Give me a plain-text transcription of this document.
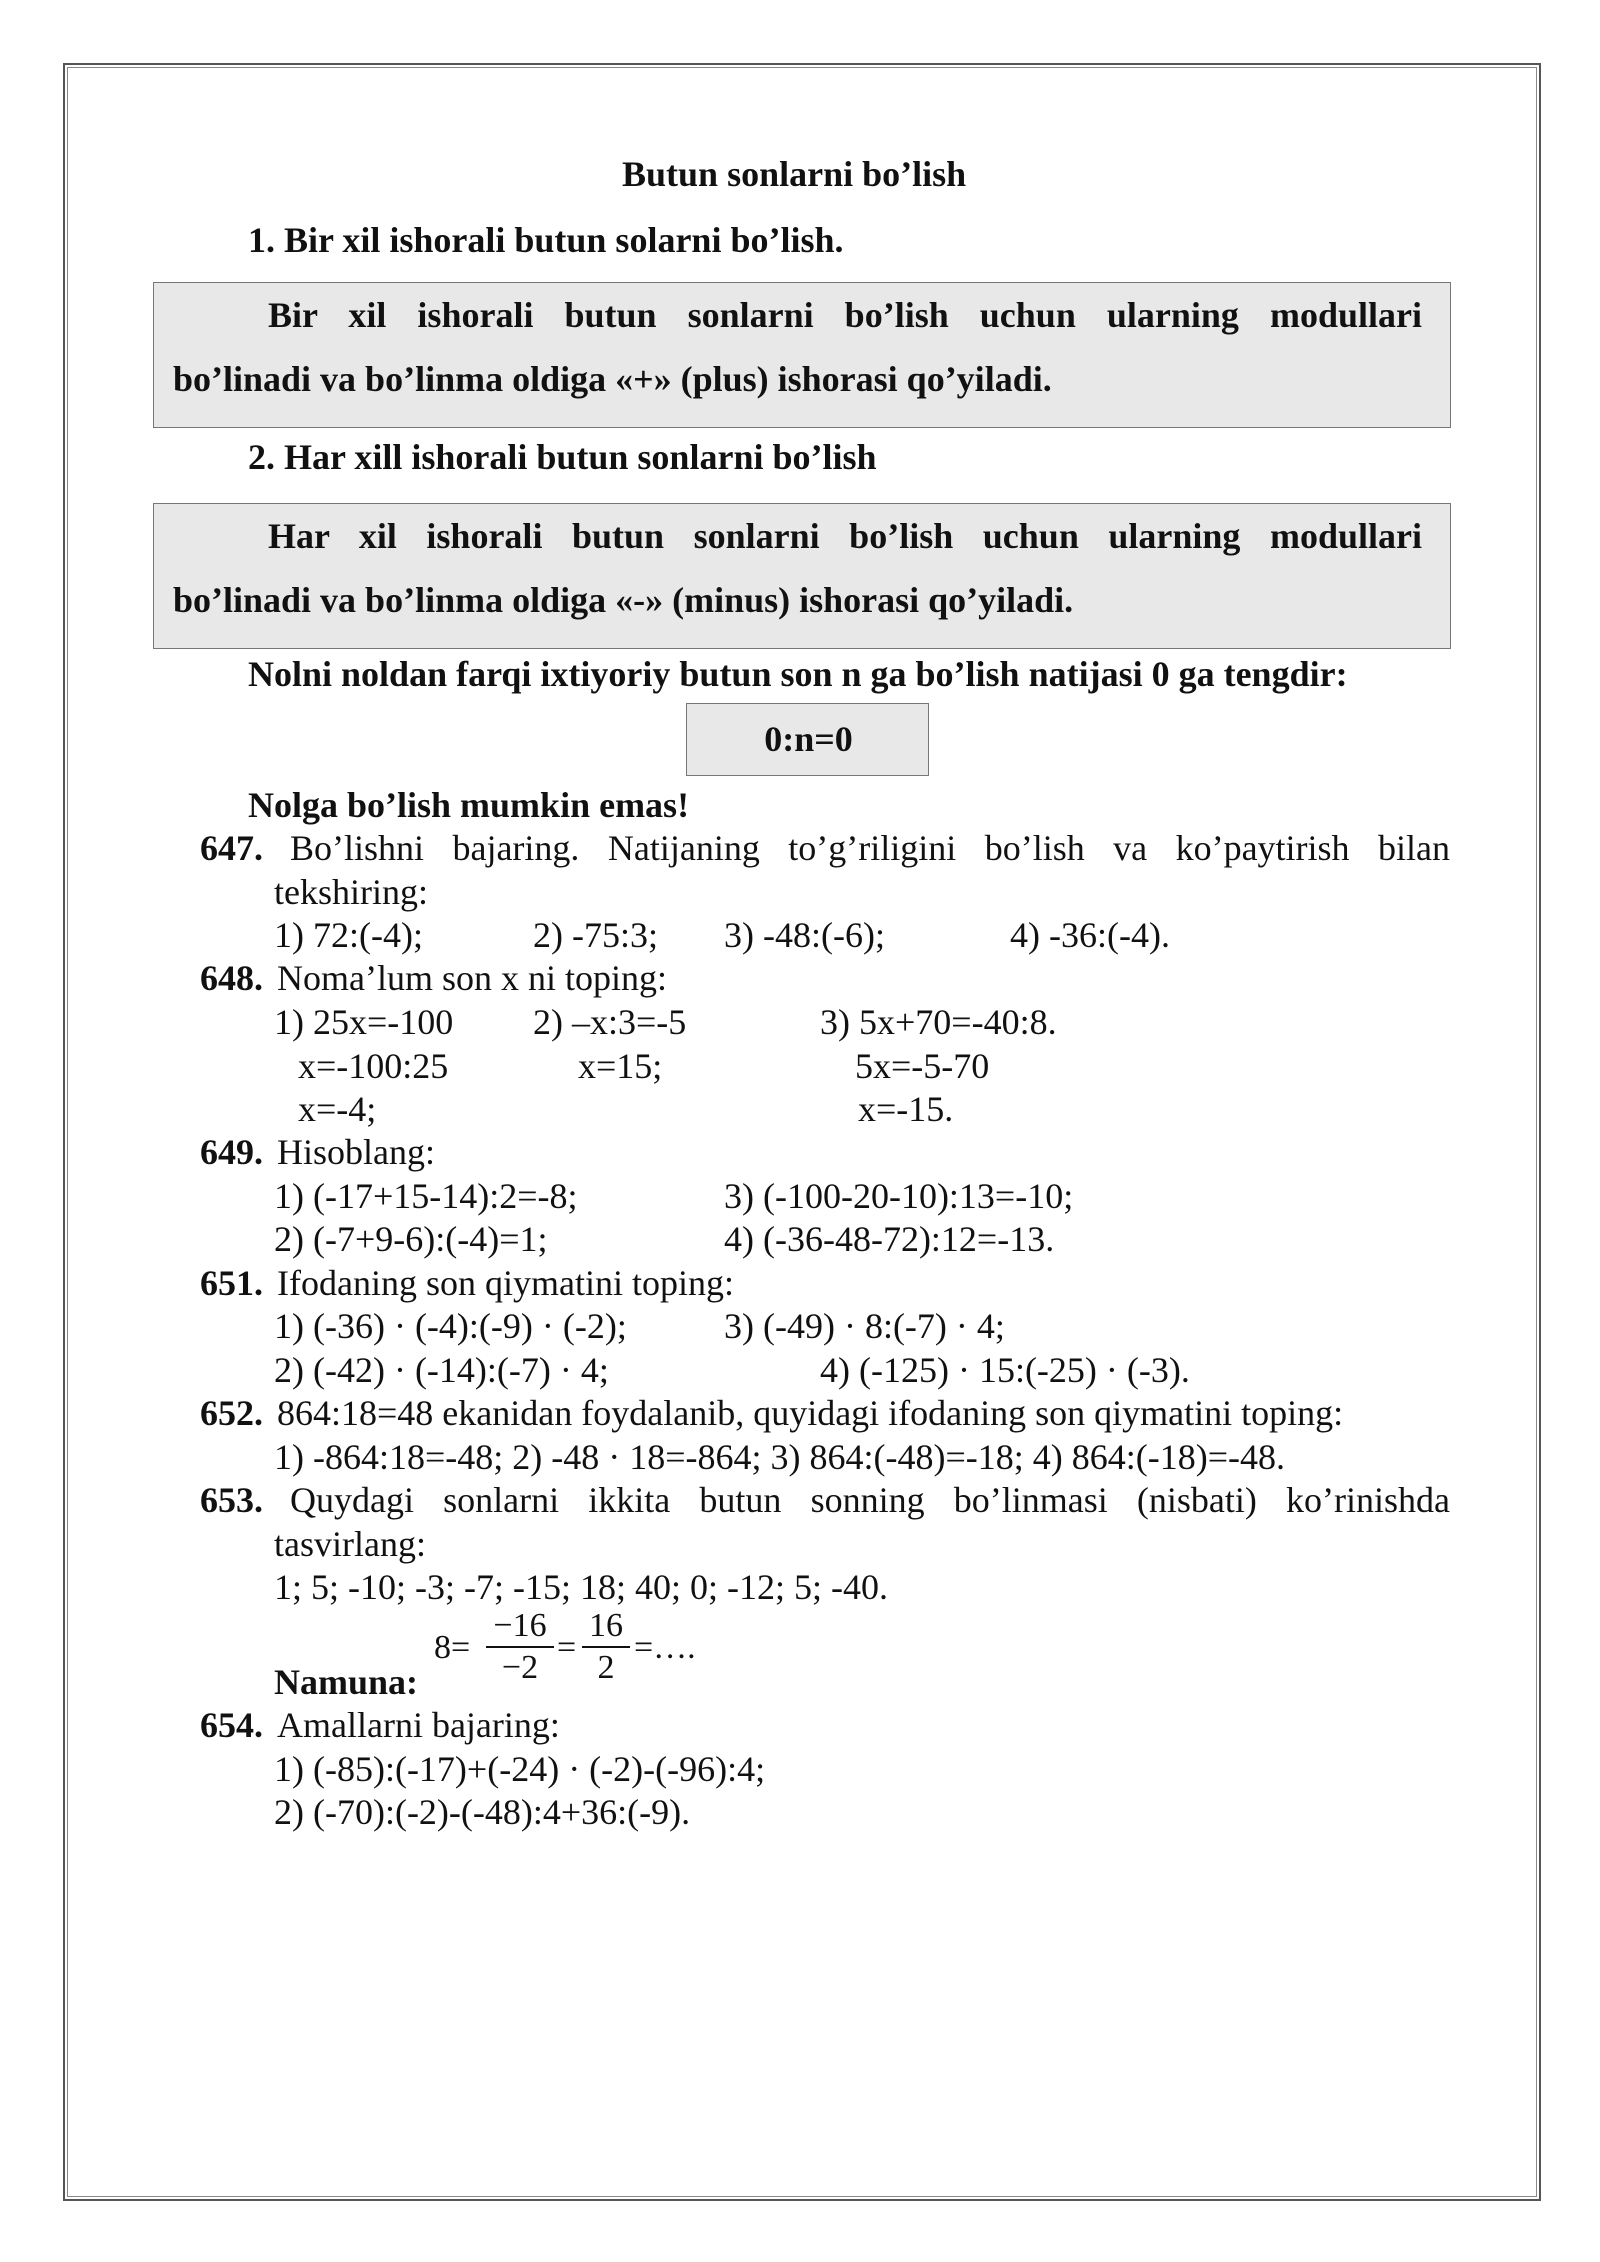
Butun sonlarni bo’lish
1. Bir xil ishorali butun solarni bo’lish.
Bir xil ishorali butun sonlarni bo’lish uchun ularning modullari
bo’linadi va bo’linma oldiga «+» (plus) ishorasi qo’yiladi.
2. Har xill ishorali butun sonlarni bo’lish
Har xil ishorali butun sonlarni bo’lish uchun ularning modullari
bo’linadi va bo’linma oldiga «-» (minus) ishorasi qo’yiladi.
Nolni noldan farqi ixtiyoriy butun son n ga bo’lish natijasi 0 ga tengdir:
0:n=0
Nolga bo’lish mumkin emas!
647. Bo’lishni bajaring. Natijaning to’g’riligini bo’lish va ko’paytirish bilan
tekshiring:
1) 72:(-4);	2) -75:3; 3) -48:(-6);	4) -36:(-4).
648. Noma’lum son x ni toping:
1) 25x=-100
x=-100:25
x=-4;
2) –x:3=-5
x=15;
3) 5x+70=-40:8.
5x=-5-70
x=-15.
649. Hisoblang:
1) (-17+15-14):2=-8;	3) (-100-20-10):13=-10;
2) (-7+9-6):(-4)=1;	4) (-36-48-72):12=-13.
651. Ifodaning son qiymatini toping:
1) (-36) · (-4):(-9) · (-2);	3) (-49) · 8:(-7) · 4;
2) (-42) · (-14):(-7) · 4;	4) (-125) · 15:(-25) · (-3).
652. 864:18=48 ekanidan foydalanib, quyidagi ifodaning son qiymatini toping:
1) -864:18=-48; 2) -48 · 18=-864; 3) 864:(-48)=-18; 4) 864:(-18)=-48.
653. Quydagi sonlarni ikkita butun sonning bo’linmasi (nisbati) ko’rinishda
tasvirlang:
1; 5; -10; -3; -7; -15; 18; 40; 0; -12; 5; -40.
Namuna:
$8= \frac{-16}{-2} = \frac{16}{2}$ =….
654. Amallarni bajaring:
1) (-85):(-17)+(-24) · (-2)-(-96):4;
2) (-70):(-2)-(-48):4+36:(-9).
